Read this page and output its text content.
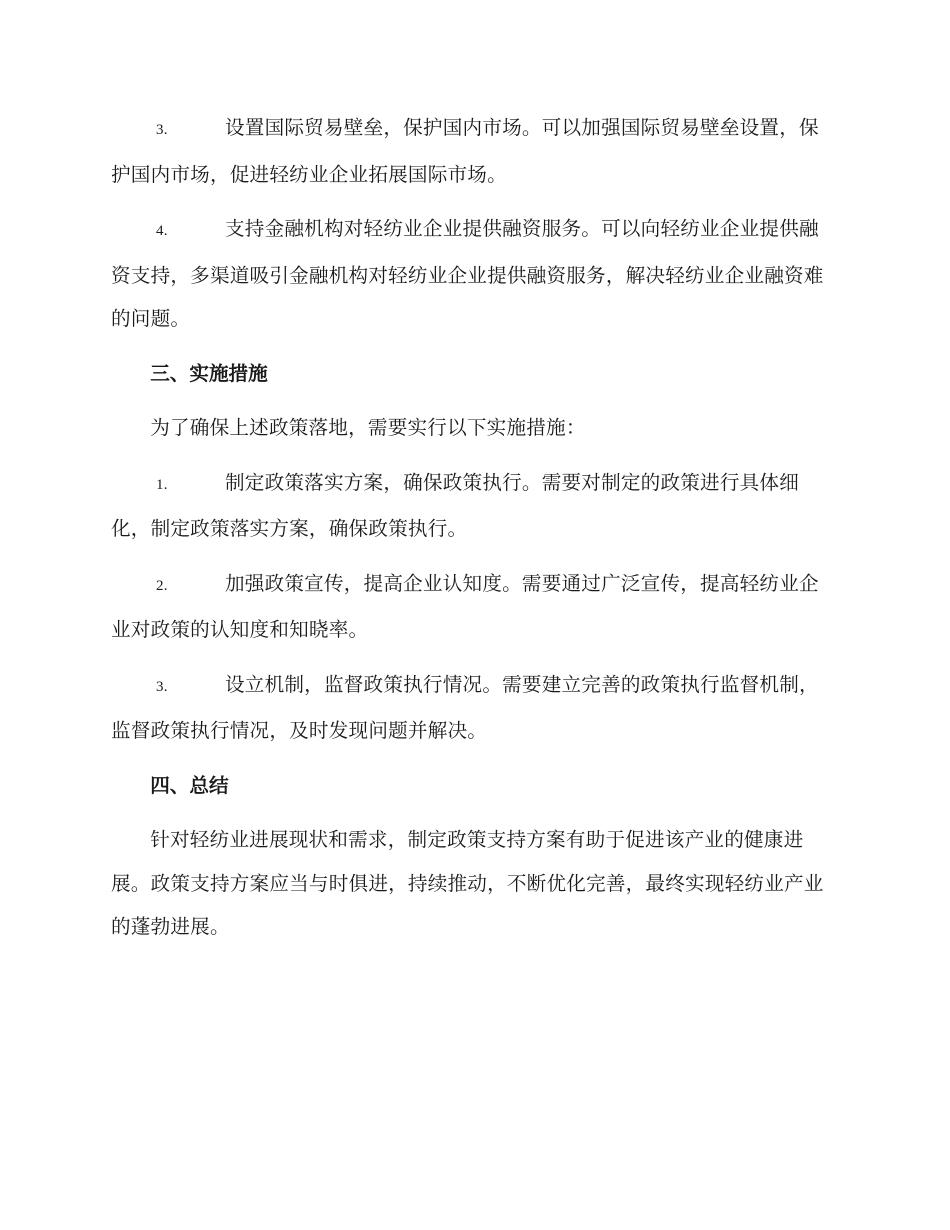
3.	设置国际贸易壁垒，保护国内市场。可以加强国际贸易壁垒设置，保护国内市场，促进轻纺业企业拓展国际市场。

4.	支持金融机构对轻纺业企业提供融资服务。可以向轻纺业企业提供融资支持，多渠道吸引金融机构对轻纺业企业提供融资服务，解决轻纺业企业融资难的问题。

三、实施措施

为了确保上述政策落地，需要实行以下实施措施：

1.	制定政策落实方案，确保政策执行。需要对制定的政策进行具体细化，制定政策落实方案，确保政策执行。

2.	加强政策宣传，提高企业认知度。需要通过广泛宣传，提高轻纺业企业对政策的认知度和知晓率。

3.	设立机制，监督政策执行情况。需要建立完善的政策执行监督机制，监督政策执行情况，及时发现问题并解决。

四、总结

针对轻纺业进展现状和需求，制定政策支持方案有助于促进该产业的健康进展。政策支持方案应当与时俱进，持续推动，不断优化完善，最终实现轻纺业产业的蓬勃进展。
